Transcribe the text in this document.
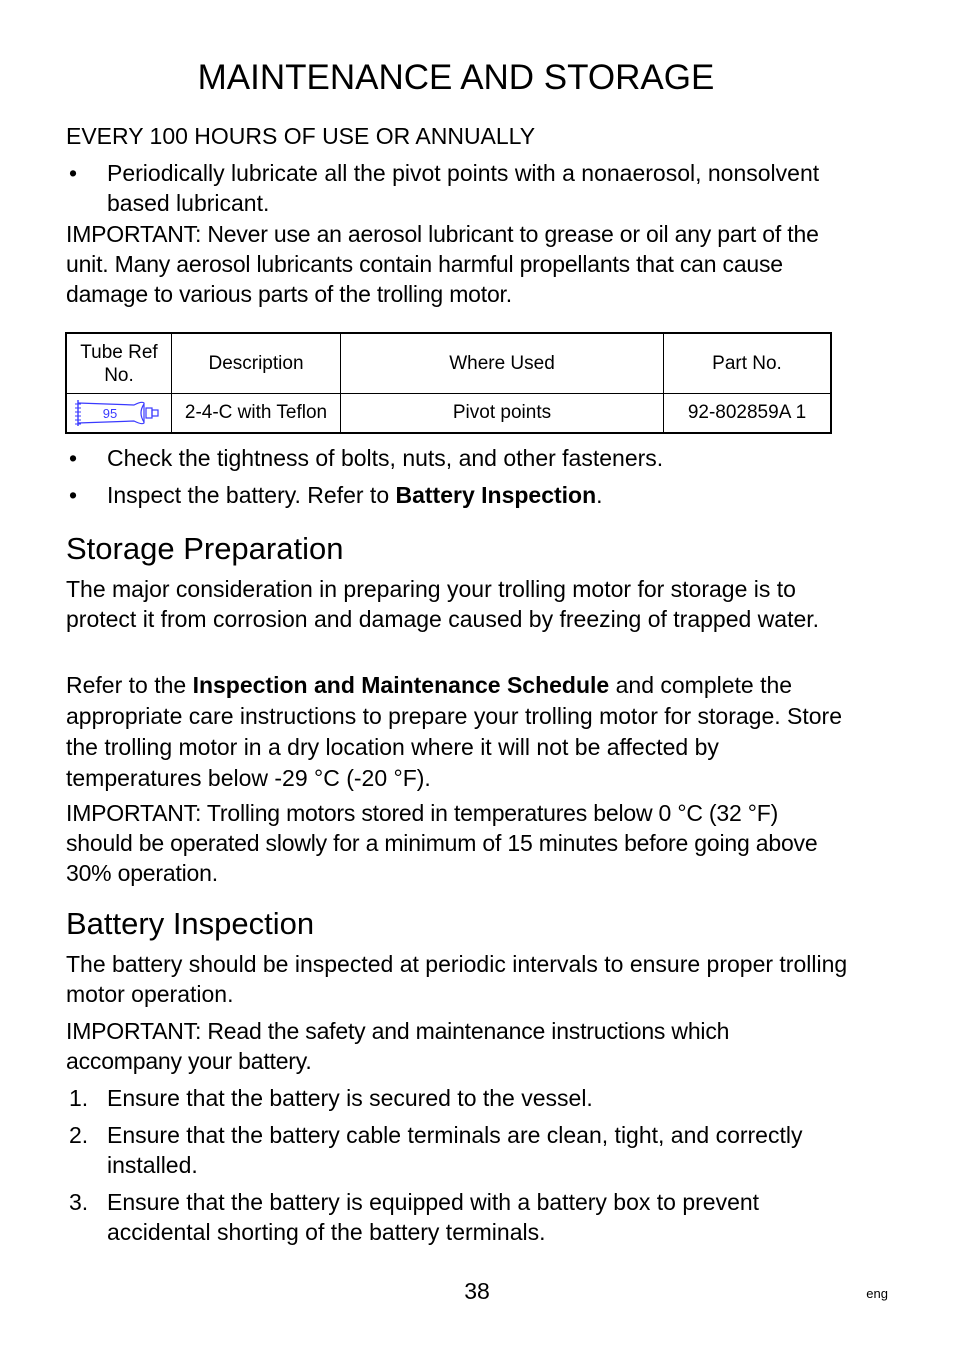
MAINTENANCE AND STORAGE
EVERY 100 HOURS OF USE OR ANNUALLY
• Periodically lubricate all the pivot points with a nonaerosol, nonsolvent based lubricant.

IMPORTANT: Never use an aerosol lubricant to grease or oil any part of the unit. Many aerosol lubricants contain harmful propellants that can cause damage to various parts of the trolling motor.

Tube Ref No.	Description	Where Used	Part No.

95	2-4-C with Teflon	Pivot points	92-802859A 1
• Check the tightness of bolts, nuts, and other fasteners.
• Inspect the battery. Refer to Battery Inspection.
Storage Preparation

The major consideration in preparing your trolling motor for storage is to protect it from corrosion and damage caused by freezing of trapped water.

Refer to the Inspection and Maintenance Schedule and complete the appropriate care instructions to prepare your trolling motor for storage. Store the trolling motor in a dry location where it will not be affected by temperatures below -29 °C (-20 °F).

IMPORTANT: Trolling motors stored in temperatures below 0 °C (32 °F) should be operated slowly for a minimum of 15 minutes before going above 30% operation.

Battery Inspection

The battery should be inspected at periodic intervals to ensure proper trolling motor operation.

IMPORTANT: Read the safety and maintenance instructions which accompany your battery.

1. Ensure that the battery is secured to the vessel.
2. Ensure that the battery cable terminals are clean, tight, and correctly installed.
3. Ensure that the battery is equipped with a battery box to prevent accidental shorting of the battery terminals.
38	eng
